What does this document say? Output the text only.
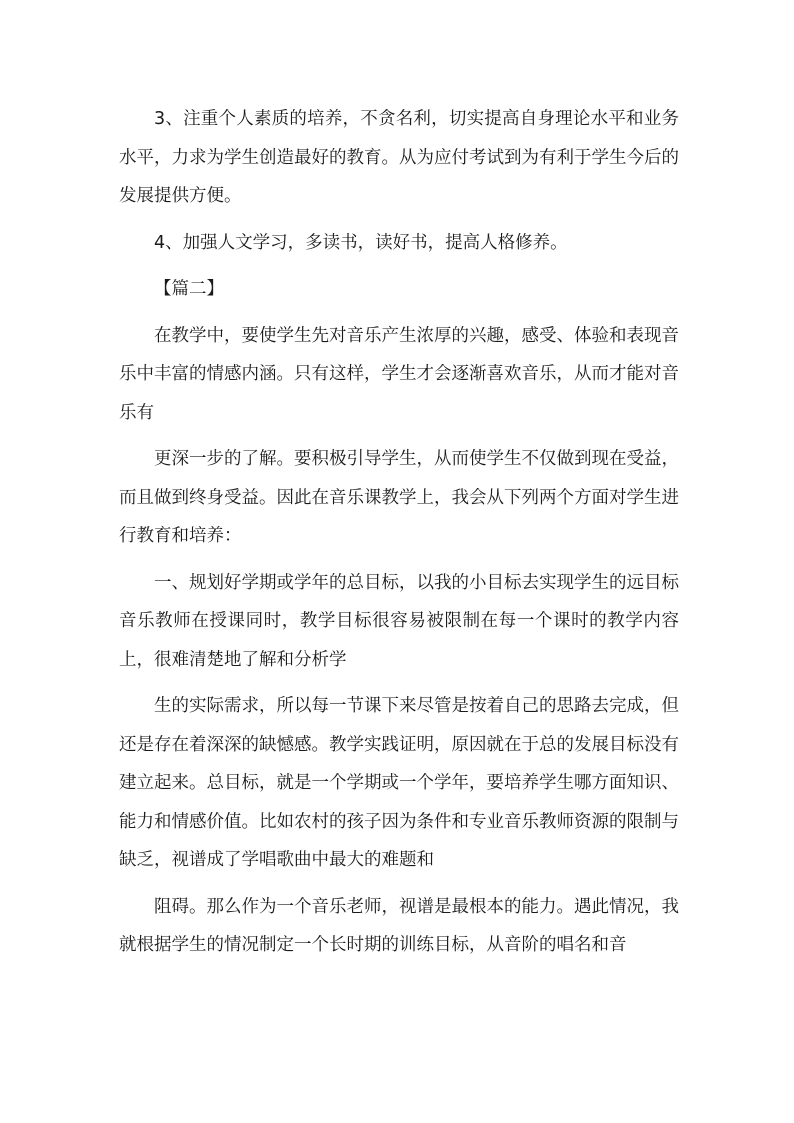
3、注重个人素质的培养，不贪名利，切实提高自身理论水平和业务水平，力求为学生创造最好的教育。从为应付考试到为有利于学生今后的发展提供方便。

4、加强人文学习，多读书，读好书，提高人格修养。

【篇二】

在教学中，要使学生先对音乐产生浓厚的兴趣，感受、体验和表现音乐中丰富的情感内涵。只有这样，学生才会逐渐喜欢音乐，从而才能对音乐有

更深一步的了解。要积极引导学生，从而使学生不仅做到现在受益，而且做到终身受益。因此在音乐课教学上，我会从下列两个方面对学生进行教育和培养：

一、规划好学期或学年的总目标，以我的小目标去实现学生的远目标音乐教师在授课同时，教学目标很容易被限制在每一个课时的教学内容上，很难清楚地了解和分析学

生的实际需求，所以每一节课下来尽管是按着自己的思路去完成，但还是存在着深深的缺憾感。教学实践证明，原因就在于总的发展目标没有建立起来。总目标，就是一个学期或一个学年，要培养学生哪方面知识、能力和情感价值。比如农村的孩子因为条件和专业音乐教师资源的限制与缺乏，视谱成了学唱歌曲中最大的难题和

阻碍。那么作为一个音乐老师，视谱是最根本的能力。遇此情况，我就根据学生的情况制定一个长时期的训练目标，从音阶的唱名和音
